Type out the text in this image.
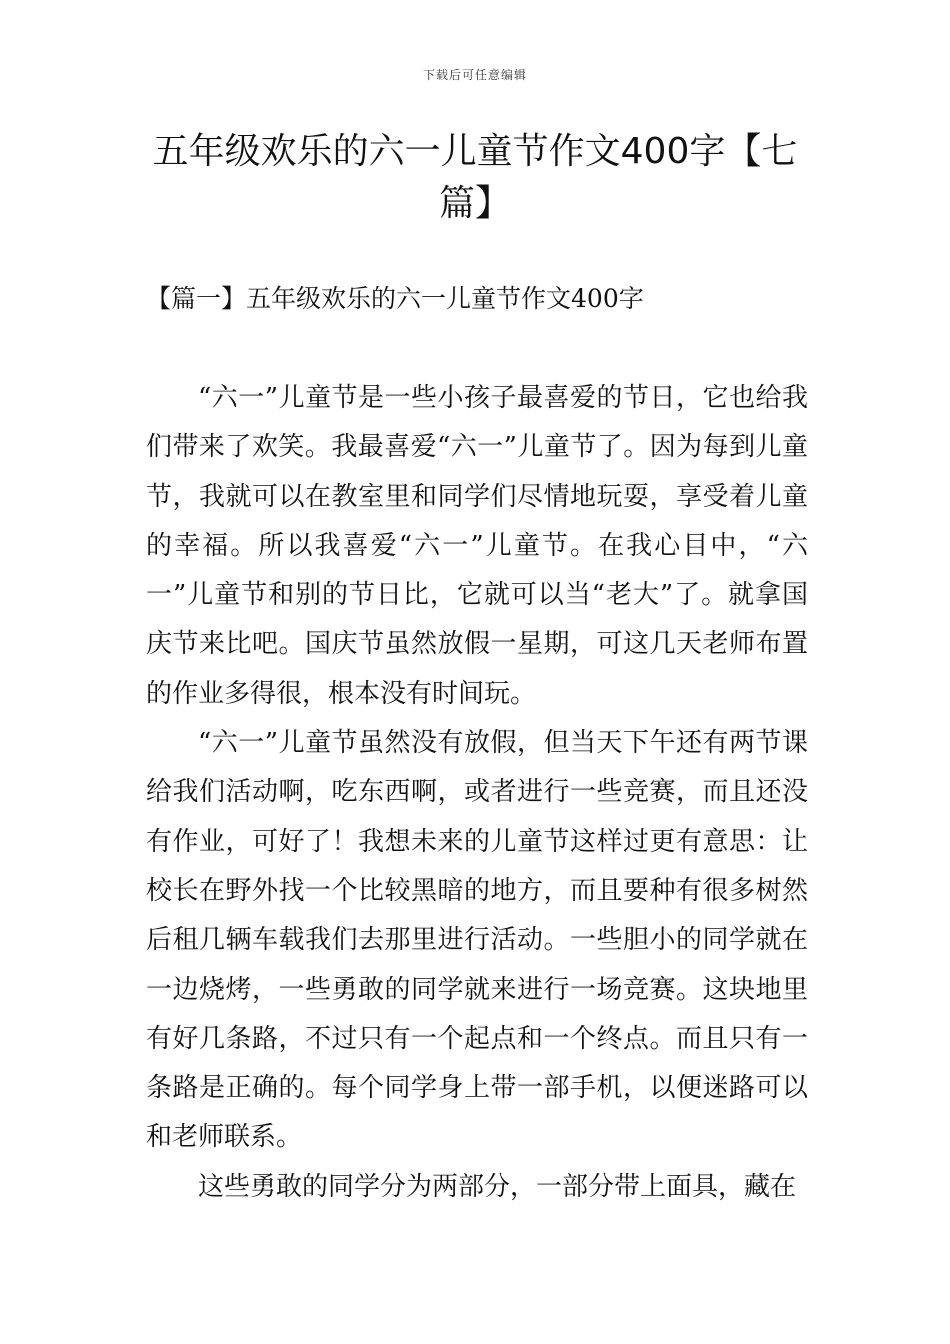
下载后可任意编辑
五年级欢乐的六一儿童节作文400字【七篇】
【篇一】五年级欢乐的六一儿童节作文400字

“六一”儿童节是一些小孩子最喜爱的节日，它也给我们带来了欢笑。我最喜爱“六一”儿童节了。因为每到儿童节，我就可以在教室里和同学们尽情地玩耍，享受着儿童的幸福。所以我喜爱“六一”儿童节。在我心目中，“六一”儿童节和别的节日比，它就可以当“老大”了。就拿国庆节来比吧。国庆节虽然放假一星期，可这几天老师布置的作业多得很，根本没有时间玩。

“六一”儿童节虽然没有放假，但当天下午还有两节课给我们活动啊，吃东西啊，或者进行一些竞赛，而且还没有作业，可好了！我想未来的儿童节这样过更有意思：让校长在野外找一个比较黑暗的地方，而且要种有很多树然后租几辆车载我们去那里进行活动。一些胆小的同学就在一边烧烤，一些勇敢的同学就来进行一场竞赛。这块地里有好几条路，不过只有一个起点和一个终点。而且只有一条路是正确的。每个同学身上带一部手机，以便迷路可以和老师联系。

这些勇敢的同学分为两部分，一部分带上面具，藏在
